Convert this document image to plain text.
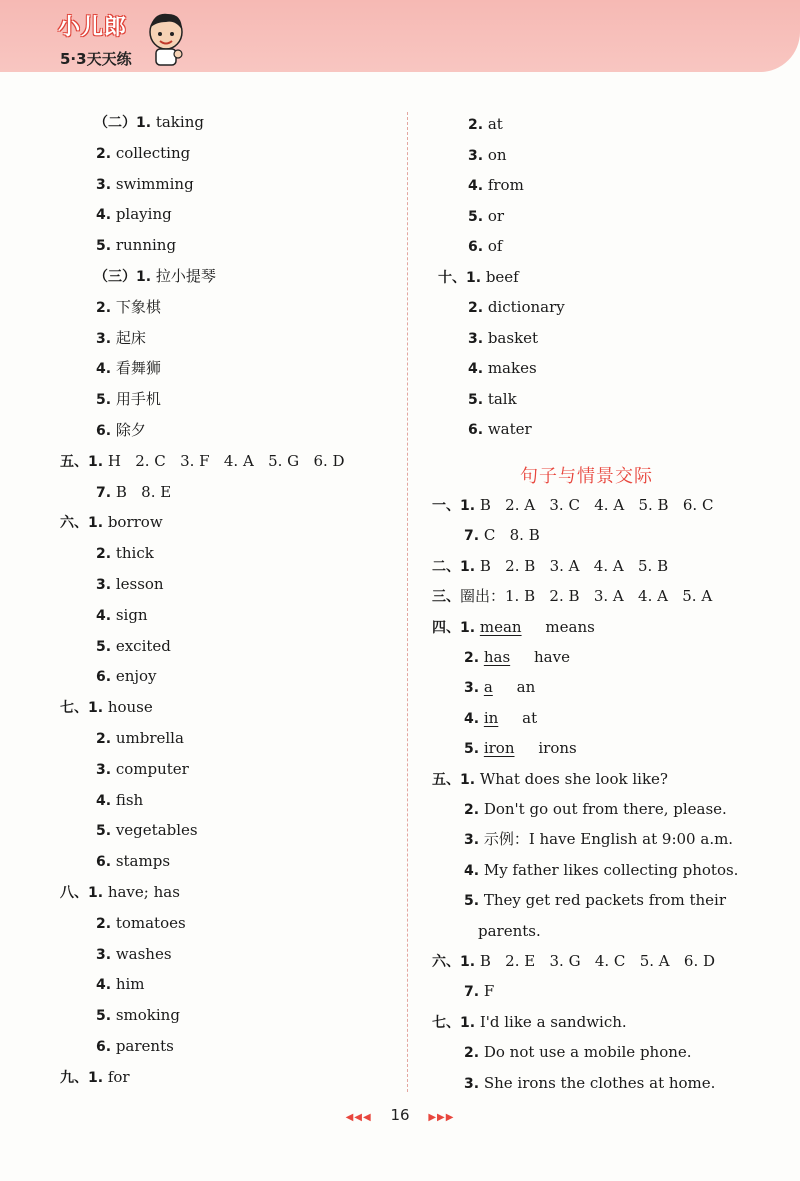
小儿郎
5·3天天练
（二）1. taking
2. collecting
3. swimming
4. playing
5. running
（三）1. 拉小提琴
2. 下象棋
3. 起床
4. 看舞狮
5. 用手机
6. 除夕
五、1. H   2. C   3. F   4. A   5. G   6. D
7. B   8. E
六、1. borrow
2. thick
3. lesson
4. sign
5. excited
6. enjoy
七、1. house
2. umbrella
3. computer
4. fish
5. vegetables
6. stamps
八、1. have; has
2. tomatoes
3. washes
4. him
5. smoking
6. parents
九、1. for
2. at
3. on
4. from
5. or
6. of
十、1. beef
2. dictionary
3. basket
4. makes
5. talk
6. water
句子与情景交际
一、1. B   2. A   3. C   4. A   5. B   6. C
7. C   8. B
二、1. B   2. B   3. A   4. A   5. B
三、圈出：1. B   2. B   3. A   4. A   5. A
四、1. mean     means
2. has     have
3. a     an
4. in     at
5. iron     irons
五、1. What does she look like?
2. Don't go out from there, please.
3. 示例：I have English at 9:00 a.m.
4. My father likes collecting photos.
5. They get red packets from their
parents.
六、1. B   2. E   3. G   4. C   5. A   6. D
7. F
七、1. I'd like a sandwich.
2. Do not use a mobile phone.
3. She irons the clothes at home.
◀◀◀ 16 ▶▶▶
